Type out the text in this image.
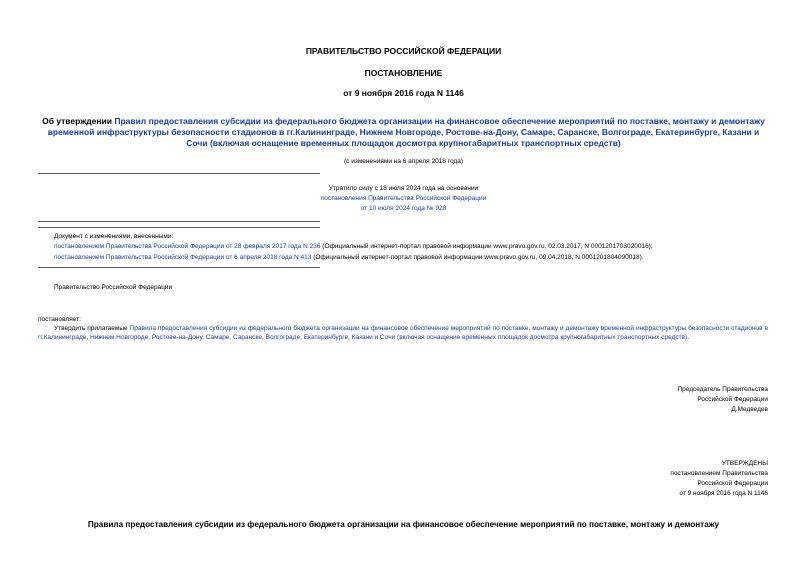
ПРАВИТЕЛЬСТВО РОССИЙСКОЙ ФЕДЕРАЦИИ
ПОСТАНОВЛЕНИЕ
от 9 ноября 2016 года N 1146
Об утверждении Правил предоставления субсидии из федерального бюджета организации на финансовое обеспечение мероприятий по поставке, монтажу и демонтажу временной инфраструктуры безопасности стадионов в гг.Калининграде, Нижнем Новгороде, Ростове-на-Дону, Самаре, Саранске, Волгограде, Екатеринбурге, Казани и Сочи (включая оснащение временных площадок досмотра крупногабаритных транспортных средств)
(с изменениями на 6 апреля 2018 года)
Утратило силу с 18 июля 2024 года на основании
постановления Правительства Российской Федерации
от 10 июля 2024 года № 928
Документ с изменениями, внесенными:
постановлением Правительства Российской Федерации от 28 февраля 2017 года N 236 (Официальный интернет-портал правовой информации www.pravo.gov.ru, 02.03.2017, N 0001201703020016);
постановлением Правительства Российской Федерации от 6 апреля 2018 года N 413 (Официальный интернет-портал правовой информации www.pravo.gov.ru, 09.04.2018, N 0001201804090018).
Правительство Российской Федерации
постановляет:
Утвердить прилагаемые Правила предоставления субсидии из федерального бюджета организации на финансовое обеспечение мероприятий по поставке, монтажу и демонтажу временной инфраструктуры безопасности стадионов в гг.Калининграде, Нижнем Новгороде, Ростове-на-Дону, Самаре, Саранске, Волгограде, Екатеринбурге, Казани и Сочи (включая оснащение временных площадок досмотра крупногабаритных транспортных средств).
Председатель Правительства
Российской Федерации
Д.Медведев
УТВЕРЖДЕНЫ
постановлением Правительства
Российской Федерации
от 9 ноября 2016 года N 1146
Правила предоставления субсидии из федерального бюджета организации на финансовое обеспечение мероприятий по поставке, монтажу и демонтажу
